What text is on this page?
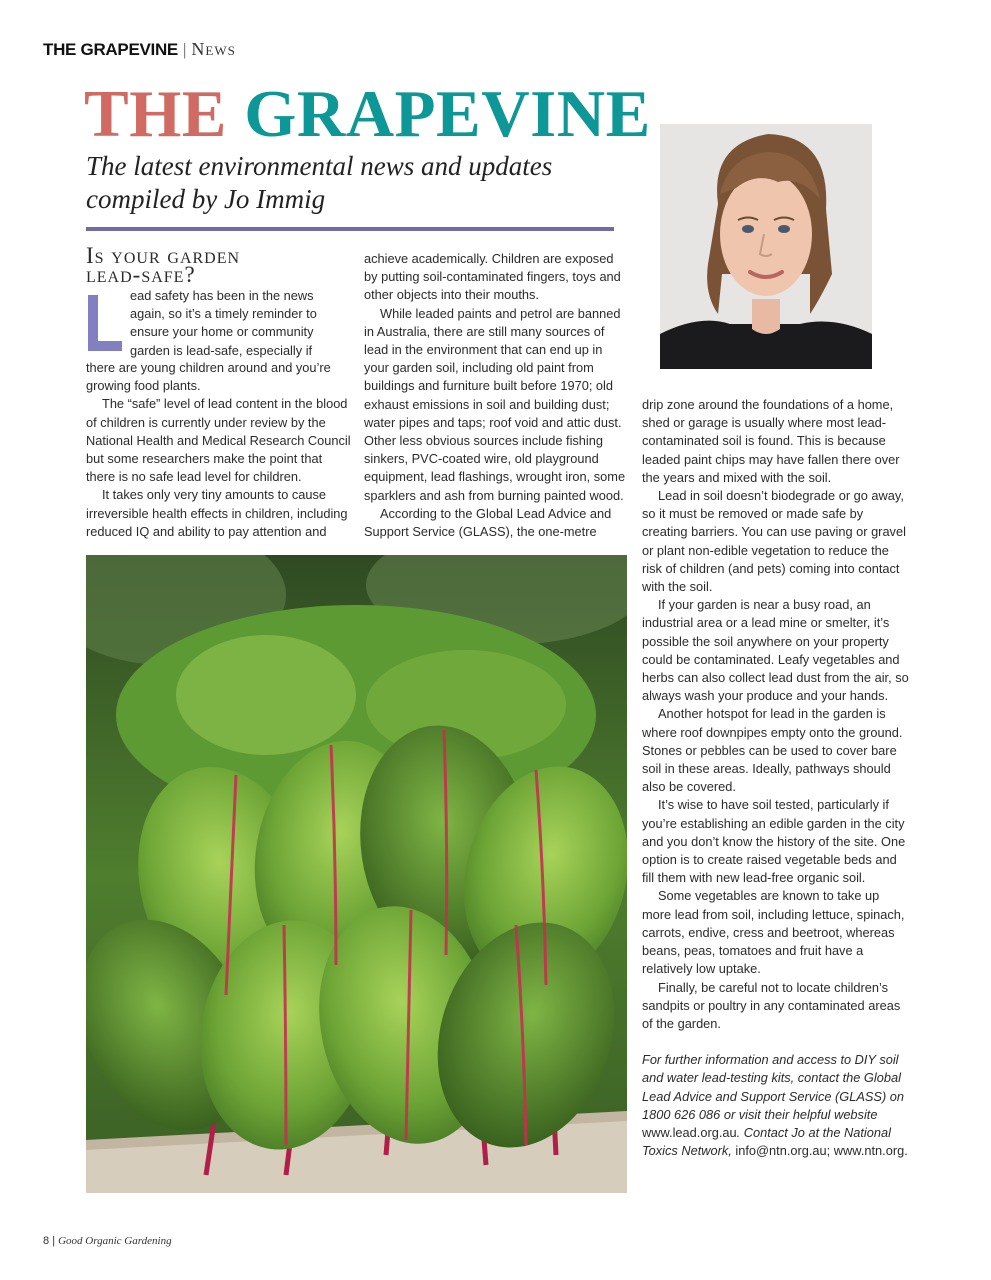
THE GRAPEVINE | News
THE GRAPEVINE
The latest environmental news and updates
compiled by Jo Immig
Is your garden
lead-safe?
ead safety has been in the news
again, so it’s a timely reminder to
ensure your home or community
garden is lead-safe, especially if

there are young children around and you’re growing food plants.

The “safe” level of lead content in the blood of children is currently under review by the National Health and Medical Research Council but some researchers make the point that there is no safe lead level for children.

It takes only very tiny amounts to cause irreversible health effects in children, including reduced IQ and ability to pay attention and

achieve academically. Children are exposed by putting soil-contaminated fingers, toys and other objects into their mouths.

While leaded paints and petrol are banned in Australia, there are still many sources of lead in the environment that can end up in your garden soil, including old paint from buildings and furniture built before 1970; old exhaust emissions in soil and building dust; water pipes and taps; roof void and attic dust. Other less obvious sources include fishing sinkers, PVC-coated wire, old playground equipment, lead flashings, wrought iron, some sparklers and ash from burning painted wood.

According to the Global Lead Advice and Support Service (GLASS), the one-metre

drip zone around the foundations of a home, shed or garage is usually where most lead-contaminated soil is found. This is because leaded paint chips may have fallen there over the years and mixed with the soil.

Lead in soil doesn’t biodegrade or go away, so it must be removed or made safe by creating barriers. You can use paving or gravel or plant non-edible vegetation to reduce the risk of children (and pets) coming into contact with the soil.

If your garden is near a busy road, an industrial area or a lead mine or smelter, it’s possible the soil anywhere on your property could be contaminated. Leafy vegetables and herbs can also collect lead dust from the air, so always wash your produce and your hands.

Another hotspot for lead in the garden is where roof downpipes empty onto the ground. Stones or pebbles can be used to cover bare soil in these areas. Ideally, pathways should also be covered.

It’s wise to have soil tested, particularly if you’re establishing an edible garden in the city and you don’t know the history of the site. One option is to create raised vegetable beds and fill them with new lead-free organic soil.

Some vegetables are known to take up more lead from soil, including lettuce, spinach, carrots, endive, cress and beetroot, whereas beans, peas, tomatoes and fruit have a relatively low uptake.

Finally, be careful not to locate children’s sandpits or poultry in any contaminated areas of the garden.

For further information and access to DIY soil and water lead-testing kits, contact the Global Lead Advice and Support Service (GLASS) on 1800 626 086 or visit their helpful website www.lead.org.au. Contact Jo at the National Toxics Network, info@ntn.org.au; www.ntn.org.

8 | Good Organic Gardening
